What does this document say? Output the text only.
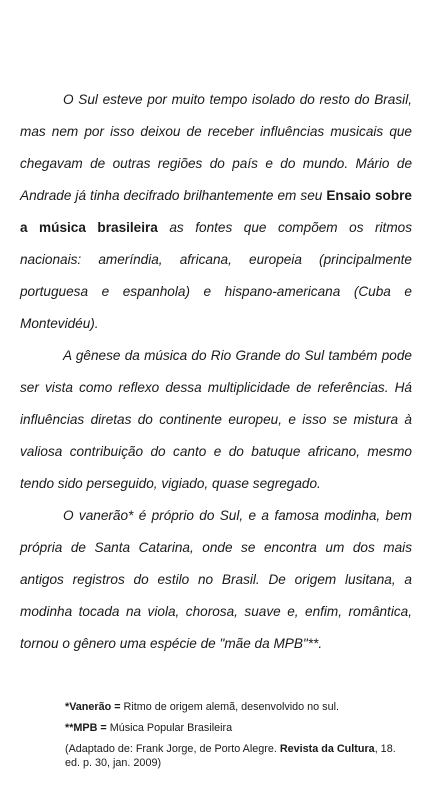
O Sul esteve por muito tempo isolado do resto do Brasil, mas nem por isso deixou de receber influências musicais que chegavam de outras regiões do país e do mundo. Mário de Andrade já tinha decifrado brilhantemente em seu Ensaio sobre a música brasileira as fontes que compõem os ritmos nacionais: ameríndia, africana, europeia (principalmente portuguesa e espanhola) e hispano-americana (Cuba e Montevidéu).

A gênese da música do Rio Grande do Sul também pode ser vista como reflexo dessa multiplicidade de referências. Há influências diretas do continente europeu, e isso se mistura à valiosa contribuição do canto e do batuque africano, mesmo tendo sido perseguido, vigiado, quase segregado.

O vanerão* é próprio do Sul, e a famosa modinha, bem própria de Santa Catarina, onde se encontra um dos mais antigos registros do estilo no Brasil. De origem lusitana, a modinha tocada na viola, chorosa, suave e, enfim, romântica, tornou o gênero uma espécie de "mãe da MPB"**.

*Vanerão = Ritmo de origem alemã, desenvolvido no sul.

**MPB = Música Popular Brasileira

(Adaptado de: Frank Jorge, de Porto Alegre. Revista da Cultura, 18. ed. p. 30, jan. 2009)
